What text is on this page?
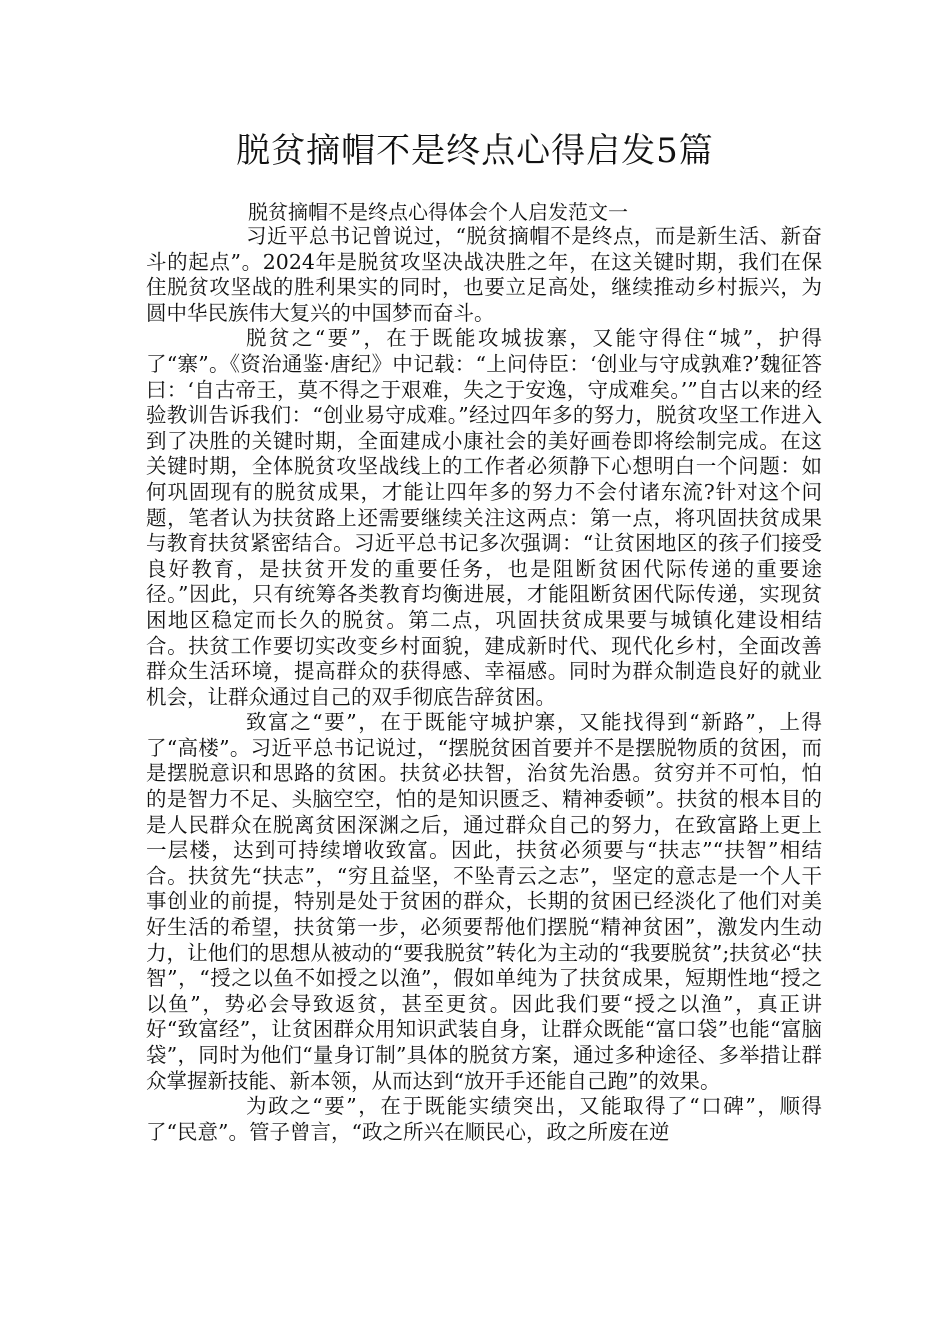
脱贫摘帽不是终点心得启发5篇

脱贫摘帽不是终点心得体会个人启发范文一

习近平总书记曾说过，“脱贫摘帽不是终点，而是新生活、新奋斗的起点”。2024年是脱贫攻坚决战决胜之年，在这关键时期，我们在保住脱贫攻坚战的胜利果实的同时，也要立足高处，继续推动乡村振兴，为圆中华民族伟大复兴的中国梦而奋斗。

脱贫之“要”，在于既能攻城拔寨，又能守得住“城”，护得了“寨”。《资治通鉴·唐纪》中记载：“上问侍臣：‘创业与守成孰难?’魏征答曰：‘自古帝王，莫不得之于艰难，失之于安逸，守成难矣。’”自古以来的经验教训告诉我们：“创业易守成难。”经过四年多的努力，脱贫攻坚工作进入到了决胜的关键时期，全面建成小康社会的美好画卷即将绘制完成。在这关键时期，全体脱贫攻坚战线上的工作者必须静下心想明白一个问题：如何巩固现有的脱贫成果，才能让四年多的努力不会付诸东流?针对这个问题，笔者认为扶贫路上还需要继续关注这两点：第一点，将巩固扶贫成果与教育扶贫紧密结合。习近平总书记多次强调：“让贫困地区的孩子们接受良好教育，是扶贫开发的重要任务，也是阻断贫困代际传递的重要途径。”因此，只有统筹各类教育均衡进展，才能阻断贫困代际传递，实现贫困地区稳定而长久的脱贫。第二点，巩固扶贫成果要与城镇化建设相结合。扶贫工作要切实改变乡村面貌，建成新时代、现代化乡村，全面改善群众生活环境，提高群众的获得感、幸福感。同时为群众制造良好的就业机会，让群众通过自己的双手彻底告辞贫困。

致富之“要”，在于既能守城护寨，又能找得到“新路”，上得了“高楼”。习近平总书记说过，“摆脱贫困首要并不是摆脱物质的贫困，而是摆脱意识和思路的贫困。扶贫必扶智，治贫先治愚。贫穷并不可怕，怕的是智力不足、头脑空空，怕的是知识匮乏、精神委顿”。扶贫的根本目的是人民群众在脱离贫困深渊之后，通过群众自己的努力，在致富路上更上一层楼，达到可持续增收致富。因此，扶贫必须要与“扶志”“扶智”相结合。扶贫先“扶志”，“穷且益坚，不坠青云之志”，坚定的意志是一个人干事创业的前提，特别是处于贫困的群众，长期的贫困已经淡化了他们对美好生活的希望，扶贫第一步，必须要帮他们摆脱“精神贫困”，激发内生动力，让他们的思想从被动的“要我脱贫”转化为主动的“我要脱贫”;扶贫必“扶智”，“授之以鱼不如授之以渔”，假如单纯为了扶贫成果，短期性地“授之以鱼”，势必会导致返贫，甚至更贫。因此我们要“授之以渔”，真正讲好“致富经”，让贫困群众用知识武装自身，让群众既能“富口袋”也能“富脑袋”，同时为他们“量身订制”具体的脱贫方案，通过多种途径、多举措让群众掌握新技能、新本领，从而达到“放开手还能自己跑”的效果。

为政之“要”，在于既能实绩突出，又能取得了“口碑”，顺得了“民意”。管子曾言，“政之所兴在顺民心，政之所废在逆
